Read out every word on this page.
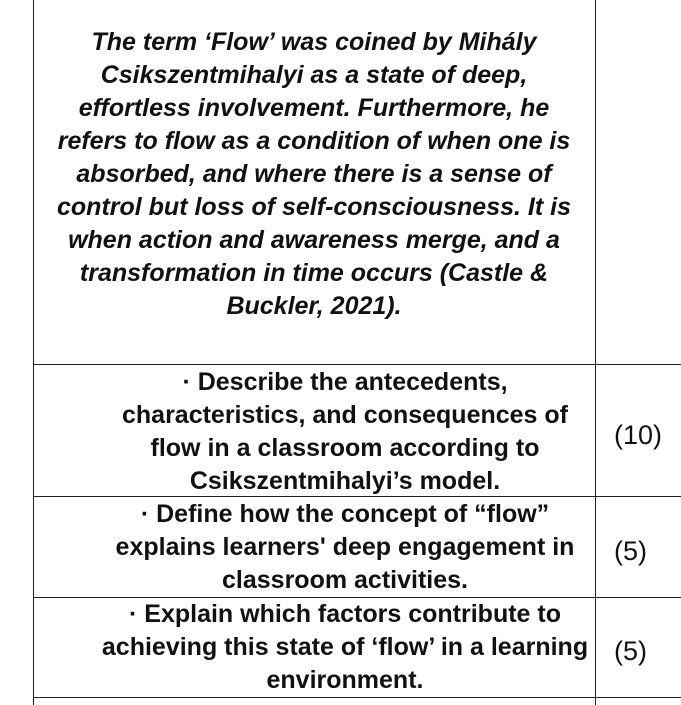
The term ‘Flow’ was coined by Mihály Csikszentmihalyi as a state of deep, effortless involvement. Furthermore, he refers to flow as a condition of when one is absorbed, and where there is a sense of control but loss of self-consciousness. It is when action and awareness merge, and a transformation in time occurs (Castle & Buckler, 2021).
· Describe the antecedents, characteristics, and consequences of flow in a classroom according to Csikszentmihalyi’s model.
(10)
· Define how the concept of “flow” explains learners' deep engagement in classroom activities.
(5)
· Explain which factors contribute to achieving this state of ‘flow’ in a learning environment.
(5)
